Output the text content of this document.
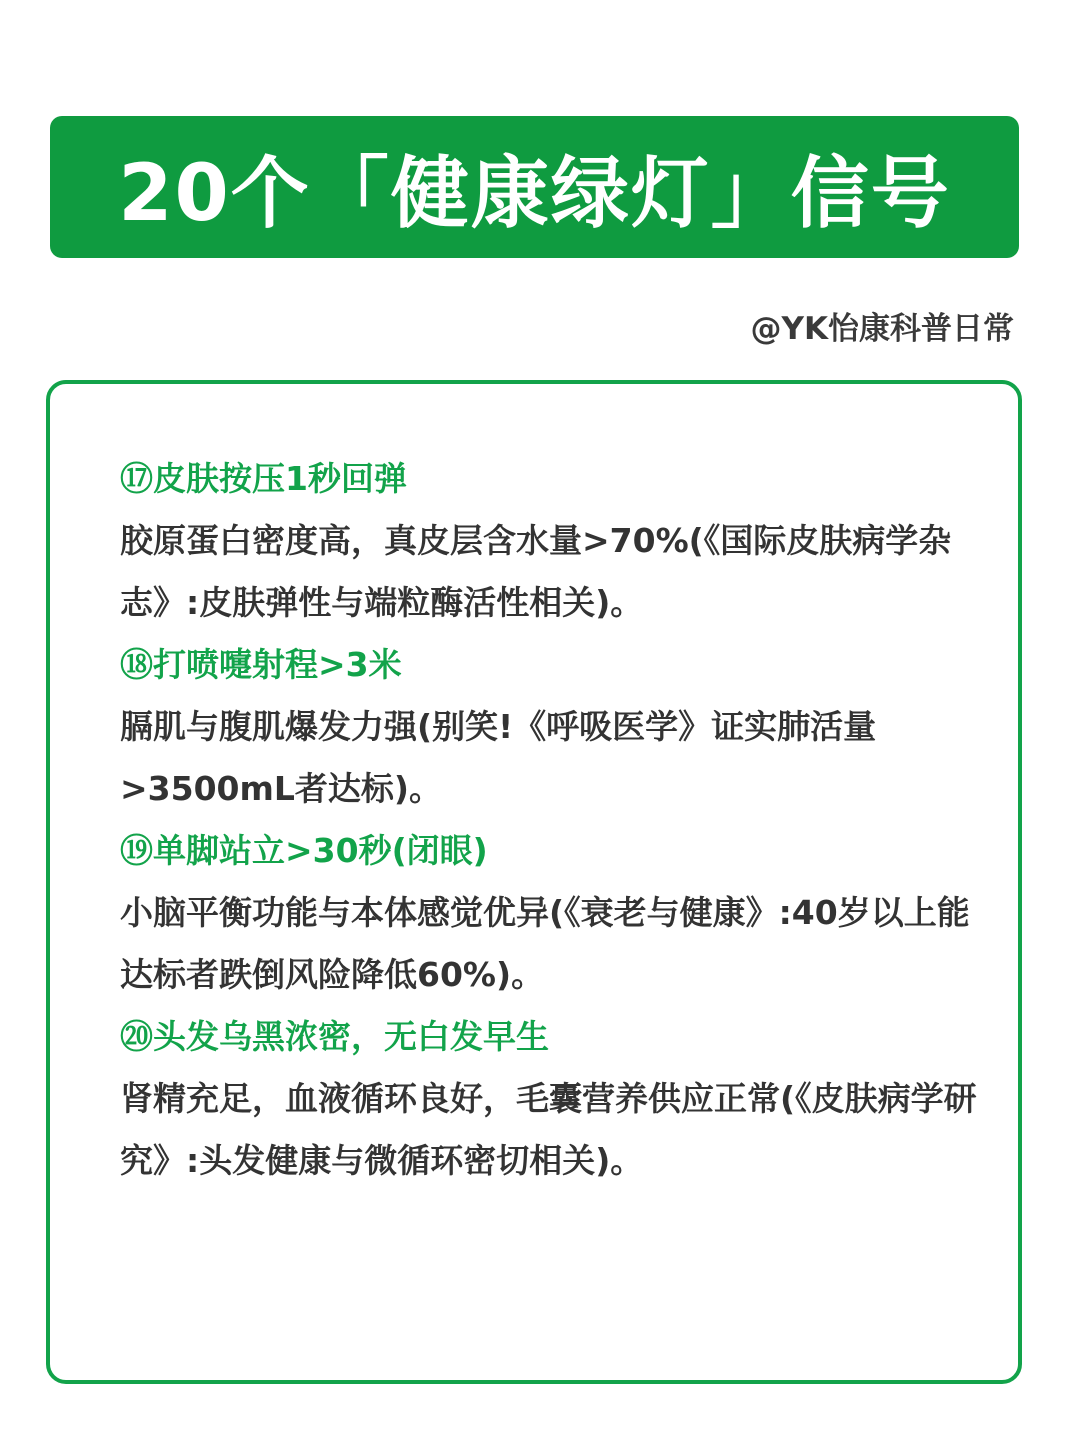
20个「健康绿灯」信号
@YK怡康科普日常

⑰皮肤按压1秒回弹

胶原蛋白密度高，真皮层含水量>70%(《国际皮肤病学杂志》:皮肤弹性与端粒酶活性相关)。

⑱打喷嚏射程>3米

膈肌与腹肌爆发力强(别笑!《呼吸医学》证实肺活量>3500mL者达标)。

⑲单脚站立>30秒(闭眼)

小脑平衡功能与本体感觉优异(《衰老与健康》:40岁以上能达标者跌倒风险降低60%)。

⑳头发乌黑浓密，无白发早生

肾精充足，血液循环良好，毛囊营养供应正常(《皮肤病学研究》:头发健康与微循环密切相关)。
